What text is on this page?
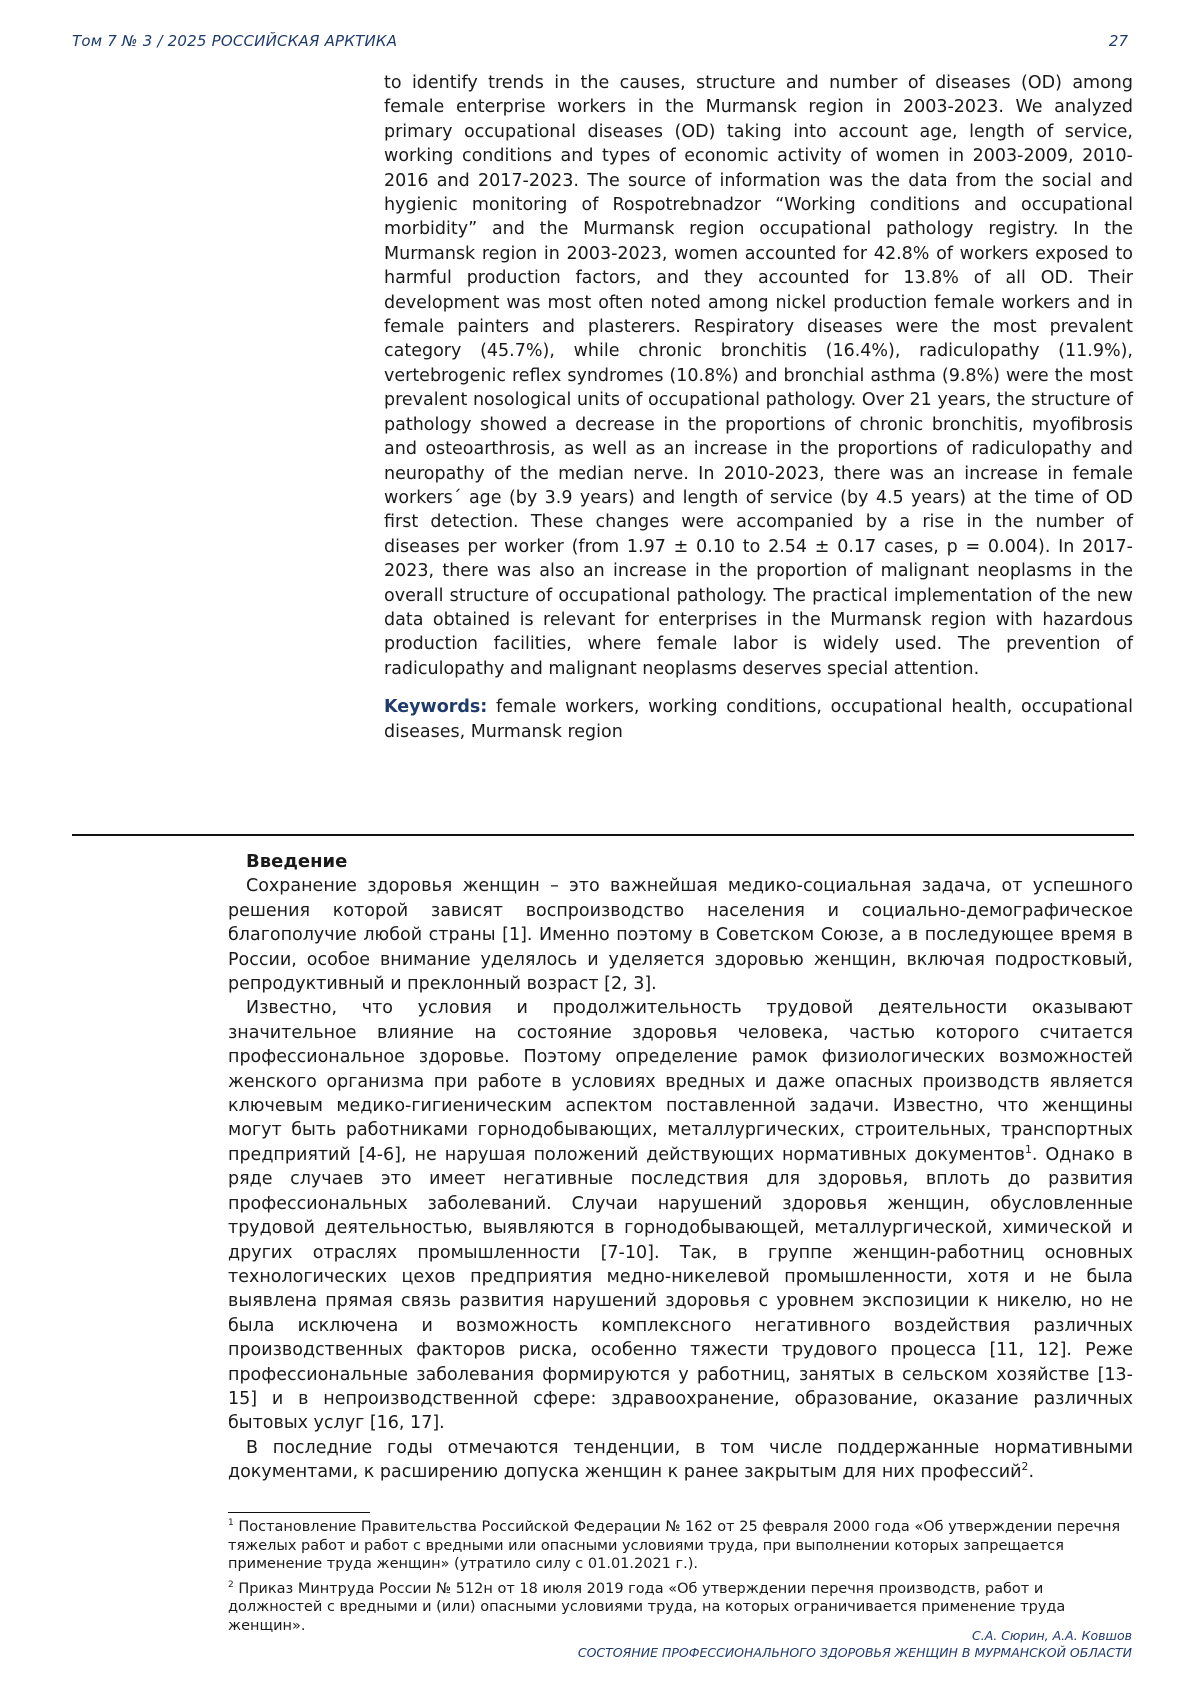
Том 7 № 3 / 2025 РОССИЙСКАЯ АРКТИКА	27

to identify trends in the causes, structure and number of diseases (OD) among female enterprise workers in the Murmansk region in 2003-2023. We analyzed primary occupational diseases (OD) taking into account age, length of service, working conditions and types of economic activity of women in 2003-2009, 2010-2016 and 2017-2023. The source of information was the data from the social and hygienic monitoring of Rospotrebnadzor “Working conditions and occupational morbidity” and the Murmansk region occupational pathology registry. In the Murmansk region in 2003-2023, women accounted for 42.8% of workers exposed to harmful production factors, and they accounted for 13.8% of all OD. Their development was most often noted among nickel production female workers and in female painters and plasterers. Respiratory diseases were the most prevalent category (45.7%), while chronic bronchitis (16.4%), radiculopathy (11.9%), vertebrogenic reflex syndromes (10.8%) and bronchial asthma (9.8%) were the most prevalent nosological units of occupational pathology. Over 21 years, the structure of pathology showed a decrease in the proportions of chronic bronchitis, myofibrosis and osteoarthrosis, as well as an increase in the proportions of radiculopathy and neuropathy of the median nerve. In 2010-2023, there was an increase in female workers´ age (by 3.9 years) and length of service (by 4.5 years) at the time of OD first detection. These changes were accompanied by a rise in the number of diseases per worker (from 1.97 ± 0.10 to 2.54 ± 0.17 cases, p = 0.004). In 2017-2023, there was also an increase in the proportion of malignant neoplasms in the overall structure of occupational pathology. The practical implementation of the new data obtained is relevant for enterprises in the Murmansk region with hazardous production facilities, where female labor is widely used. The prevention of radiculopathy and malignant neoplasms deserves special attention.

Keywords: female workers, working conditions, occupational health, occupational diseases, Murmansk region

Введение

Сохранение здоровья женщин – это важнейшая медико-социальная задача, от успешного решения которой зависят воспроизводство населения и социально-демографическое благополучие любой страны [1]. Именно поэтому в Советском Союзе, а в последующее время в России, особое внимание уделялось и уделяется здоровью женщин, включая подростковый, репродуктивный и преклонный возраст [2, 3].

Известно, что условия и продолжительность трудовой деятельности оказывают значительное влияние на состояние здоровья человека, частью которого считается профессиональное здоровье. Поэтому определение рамок физиологических возможностей женского организма при работе в условиях вредных и даже опасных производств является ключевым медико-гигиеническим аспектом поставленной задачи. Известно, что женщины могут быть работниками горнодобывающих, металлургических, строительных, транспортных предприятий [4-6], не нарушая положений действующих нормативных документов$^1$. Однако в ряде случаев это имеет негативные последствия для здоровья, вплоть до развития профессиональных заболеваний. Случаи нарушений здоровья женщин, обусловленные трудовой деятельностью, выявляются в горнодобывающей, металлургической, химической и других отраслях промышленности [7-10]. Так, в группе женщин-работниц основных технологических цехов предприятия медно-никелевой промышленности, хотя и не была выявлена прямая связь развития нарушений здоровья с уровнем экспозиции к никелю, но не была исключена и возможность комплексного негативного воздействия различных производственных факторов риска, особенно тяжести трудового процесса [11, 12]. Реже профессиональные заболевания формируются у работниц, занятых в сельском хозяйстве [13-15] и в непроизводственной сфере: здравоохранение, образование, оказание различных бытовых услуг [16, 17].

В последние годы отмечаются тенденции, в том числе поддержанные нормативными документами, к расширению допуска женщин к ранее закрытым для них профессий$^2$.

$^1$ Постановление Правительства Российской Федерации № 162 от 25 февраля 2000 года «Об утверждении перечня тяжелых работ и работ с вредными или опасными условиями труда, при выполнении которых запрещается применение труда женщин» (утратило силу с 01.01.2021 г.).

$^2$ Приказ Минтруда России № 512н от 18 июля 2019 года «Об утверждении перечня производств, работ и должностей с вредными и (или) опасными условиями труда, на которых ограничивается применение труда женщин».

С.А. Сюрин, А.А. Ковшов
СОСТОЯНИЕ ПРОФЕССИОНАЛЬНОГО ЗДОРОВЬЯ ЖЕНЩИН В МУРМАНСКОЙ ОБЛАСТИ
